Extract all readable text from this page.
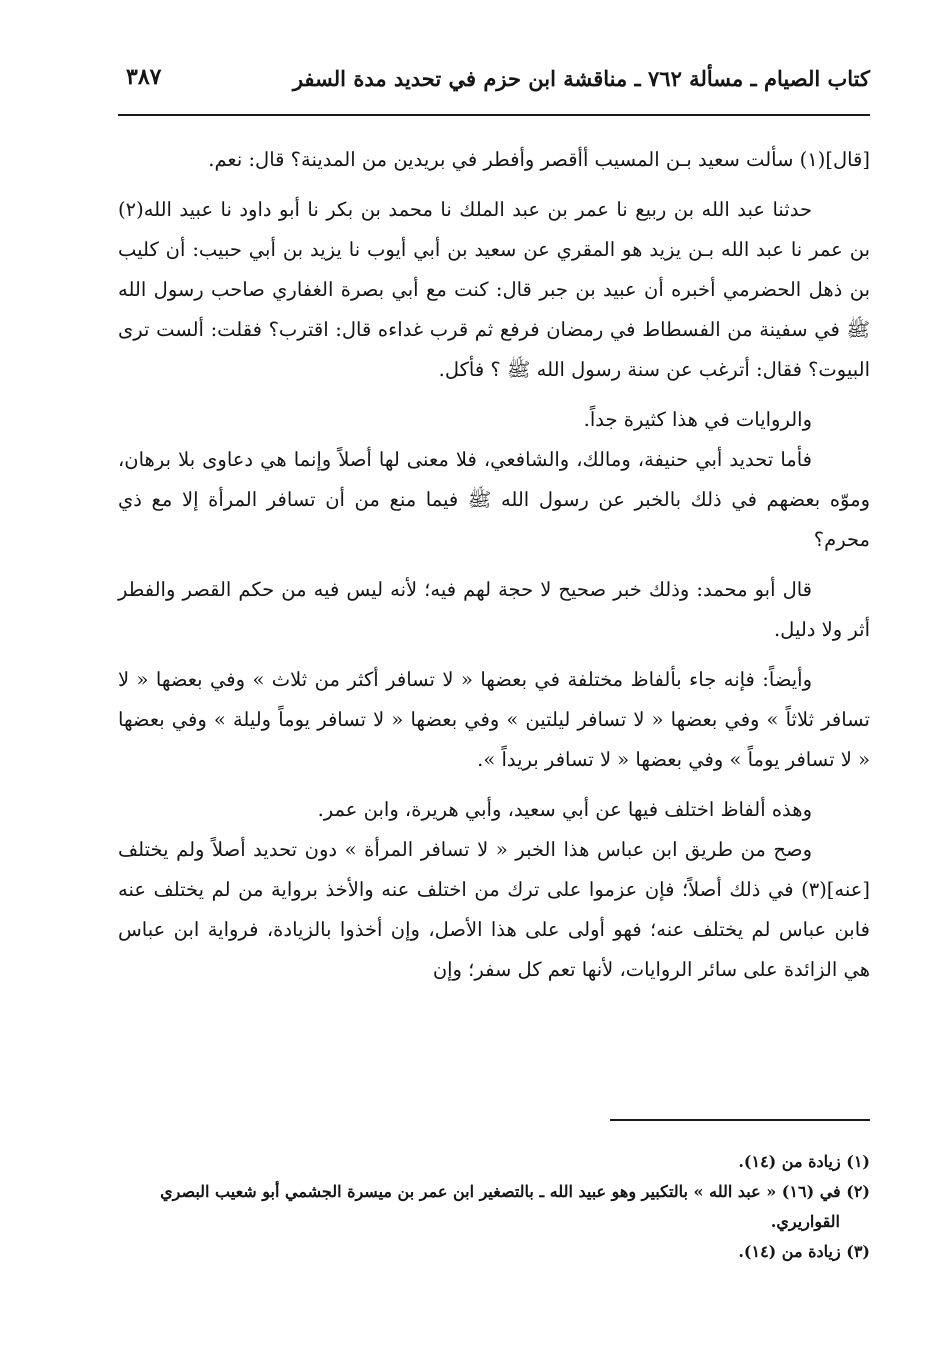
كتاب الصيام ـ مسألة ٧٦٢ ـ مناقشة ابن حزم في تحديد مدة السفر
٣٨٧

[قال](١) سألت سعيد بـن المسيب أأقصر وأفطر في بريدين من المدينة؟ قال: نعم.

حدثنا عبد الله بن ربيع نا عمر بن عبد الملك نا محمد بن بكر نا أبو داود نا عبيد الله(٢) بن عمر نا عبد الله بـن يزيد هو المقري عن سعيد بن أبي أيوب نا يزيد بن أبي حبيب: أن كليب بن ذهل الحضرمي أخبره أن عبيد بن جبر قال: كنت مع أبي بصرة الغفاري صاحب رسول الله ﷺ في سفينة من الفسطاط في رمضان فرفع ثم قرب غداءه قال: اقترب؟ فقلت: ألست ترى البيوت؟ فقال: أترغب عن سنة رسول الله ﷺ ؟ فأكل.

والروايات في هذا كثيرة جداً.

فأما تحديد أبي حنيفة، ومالك، والشافعي، فلا معنى لها أصلاً وإنما هي دعاوى بلا برهان، وموّه بعضهم في ذلك بالخبر عن رسول الله ﷺ فيما منع من أن تسافر المرأة إلا مع ذي محرم؟

قال أبو محمد: وذلك خبر صحيح لا حجة لهم فيه؛ لأنه ليس فيه من حكم القصر والفطر أثر ولا دليل.

وأيضاً: فإنه جاء بألفاظ مختلفة في بعضها « لا تسافر أكثر من ثلاث » وفي بعضها « لا تسافر ثلاثاً » وفي بعضها « لا تسافر ليلتين » وفي بعضها « لا تسافر يوماً وليلة » وفي بعضها « لا تسافر يوماً » وفي بعضها « لا تسافر بريداً ».

وهذه ألفاظ اختلف فيها عن أبي سعيد، وأبي هريرة، وابن عمر.

وصح من طريق ابن عباس هذا الخبر « لا تسافر المرأة » دون تحديد أصلاً ولم يختلف [عنه](٣) في ذلك أصلاً؛ فإن عزموا على ترك من اختلف عنه والأخذ برواية من لم يختلف عنه فابن عباس لم يختلف عنه؛ فهو أولى على هذا الأصل، وإن أخذوا بالزيادة، فرواية ابن عباس هي الزائدة على سائر الروايات، لأنها تعم كل سفر؛ وإن

(١) زيادة من (١٤).

(٢) في (١٦) « عبد الله » بالتكبير وهو عبيد الله ـ بالتصغير ابن عمر بن ميسرة الجشمي أبو شعيب البصري

القواريري.

(٣) زيادة من (١٤).
